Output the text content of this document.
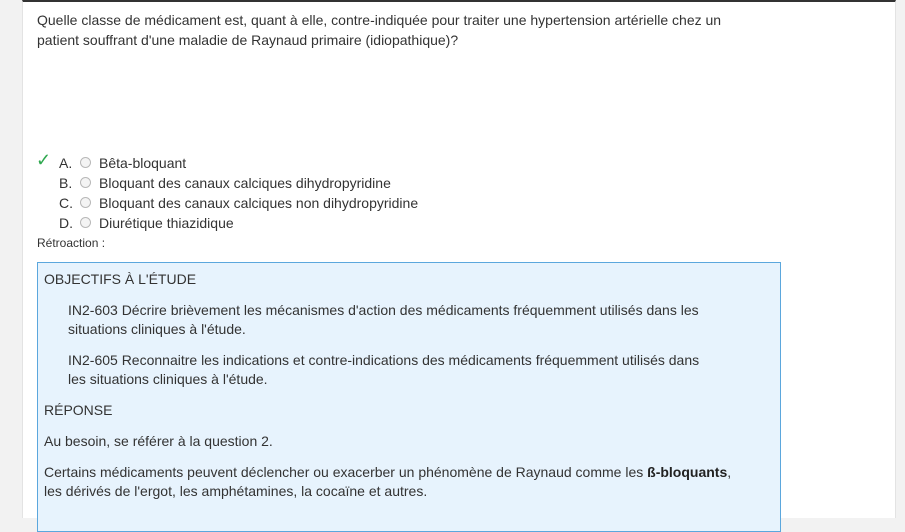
Quelle classe de médicament est, quant à elle, contre-indiquée pour traiter une hypertension artérielle chez un patient souffrant d'une maladie de Raynaud primaire (idiopathique)?
✓ A. Bêta-bloquant
B. Bloquant des canaux calciques dihydropyridine
C. Bloquant des canaux calciques non dihydropyridine
D. Diurétique thiazidique
Rétroaction :
OBJECTIFS À L'ÉTUDE
IN2-603 Décrire brièvement les mécanismes d'action des médicaments fréquemment utilisés dans les situations cliniques à l'étude.
IN2-605 Reconnaitre les indications et contre-indications des médicaments fréquemment utilisés dans les situations cliniques à l'étude.
RÉPONSE
Au besoin, se référer à la question 2.
Certains médicaments peuvent déclencher ou exacerber un phénomène de Raynaud comme les ß-bloquants, les dérivés de l'ergot, les amphétamines, la cocaïne et autres.
